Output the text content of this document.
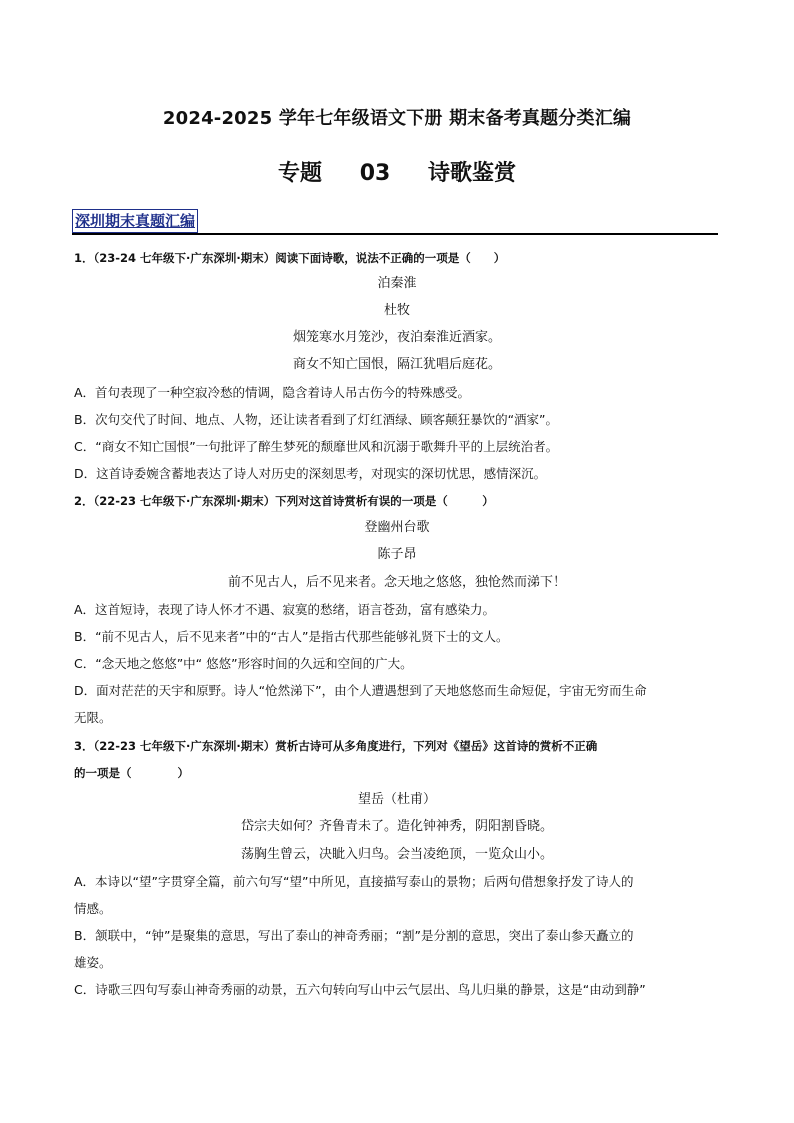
2024-2025 学年七年级语文下册 期末备考真题分类汇编
专题 03 诗歌鉴赏
深圳期末真题汇编
1．（23-24 七年级下·广东深圳·期末）阅读下面诗歌，说法不正确的一项是（　　）
泊秦淮
杜牧
烟笼寒水月笼沙，夜泊秦淮近酒家。
商女不知亡国恨，隔江犹唱后庭花。
A．首句表现了一种空寂冷愁的情调，隐含着诗人吊古伤今的特殊感受。
B．次句交代了时间、地点、人物，还让读者看到了灯红酒绿、顾客颠狂暴饮的“酒家”。
C．“商女不知亡国恨”一句批评了醉生梦死的颓靡世风和沉溺于歌舞升平的上层统治者。
D．这首诗委婉含蓄地表达了诗人对历史的深刻思考，对现实的深切忧思，感情深沉。
2．（22-23 七年级下·广东深圳·期末）下列对这首诗赏析有误的一项是（　　　）
登幽州台歌
陈子昂
前不见古人，后不见来者。念天地之悠悠，独怆然而涕下！
A．这首短诗，表现了诗人怀才不遇、寂寞的愁绪，语言苍劲，富有感染力。
B．“前不见古人，后不见来者”中的“古人”是指古代那些能够礼贤下士的文人。
C．“念天地之悠悠”中“ 悠悠”形容时间的久远和空间的广大。
D．面对茫茫的天宇和原野。诗人“怆然涕下”，由个人遭遇想到了天地悠悠而生命短促，宇宙无穷而生命
无限。
3．（22-23 七年级下·广东深圳·期末）赏析古诗可从多角度进行，下列对《望岳》这首诗的赏析不正确
的一项是（　　　　）
望岳（杜甫）
岱宗夫如何？齐鲁青未了。造化钟神秀，阴阳割昏晓。
荡胸生曾云，决眦入归鸟。会当凌绝顶，一览众山小。
A．本诗以“望”字贯穿全篇，前六句写“望”中所见，直接描写泰山的景物；后两句借想象抒发了诗人的
情感。
B．颔联中，“钟”是聚集的意思，写出了泰山的神奇秀丽；“割”是分割的意思，突出了泰山参天矗立的
雄姿。
C．诗歌三四句写泰山神奇秀丽的动景，五六句转向写山中云气层出、鸟儿归巢的静景，这是“由动到静”
